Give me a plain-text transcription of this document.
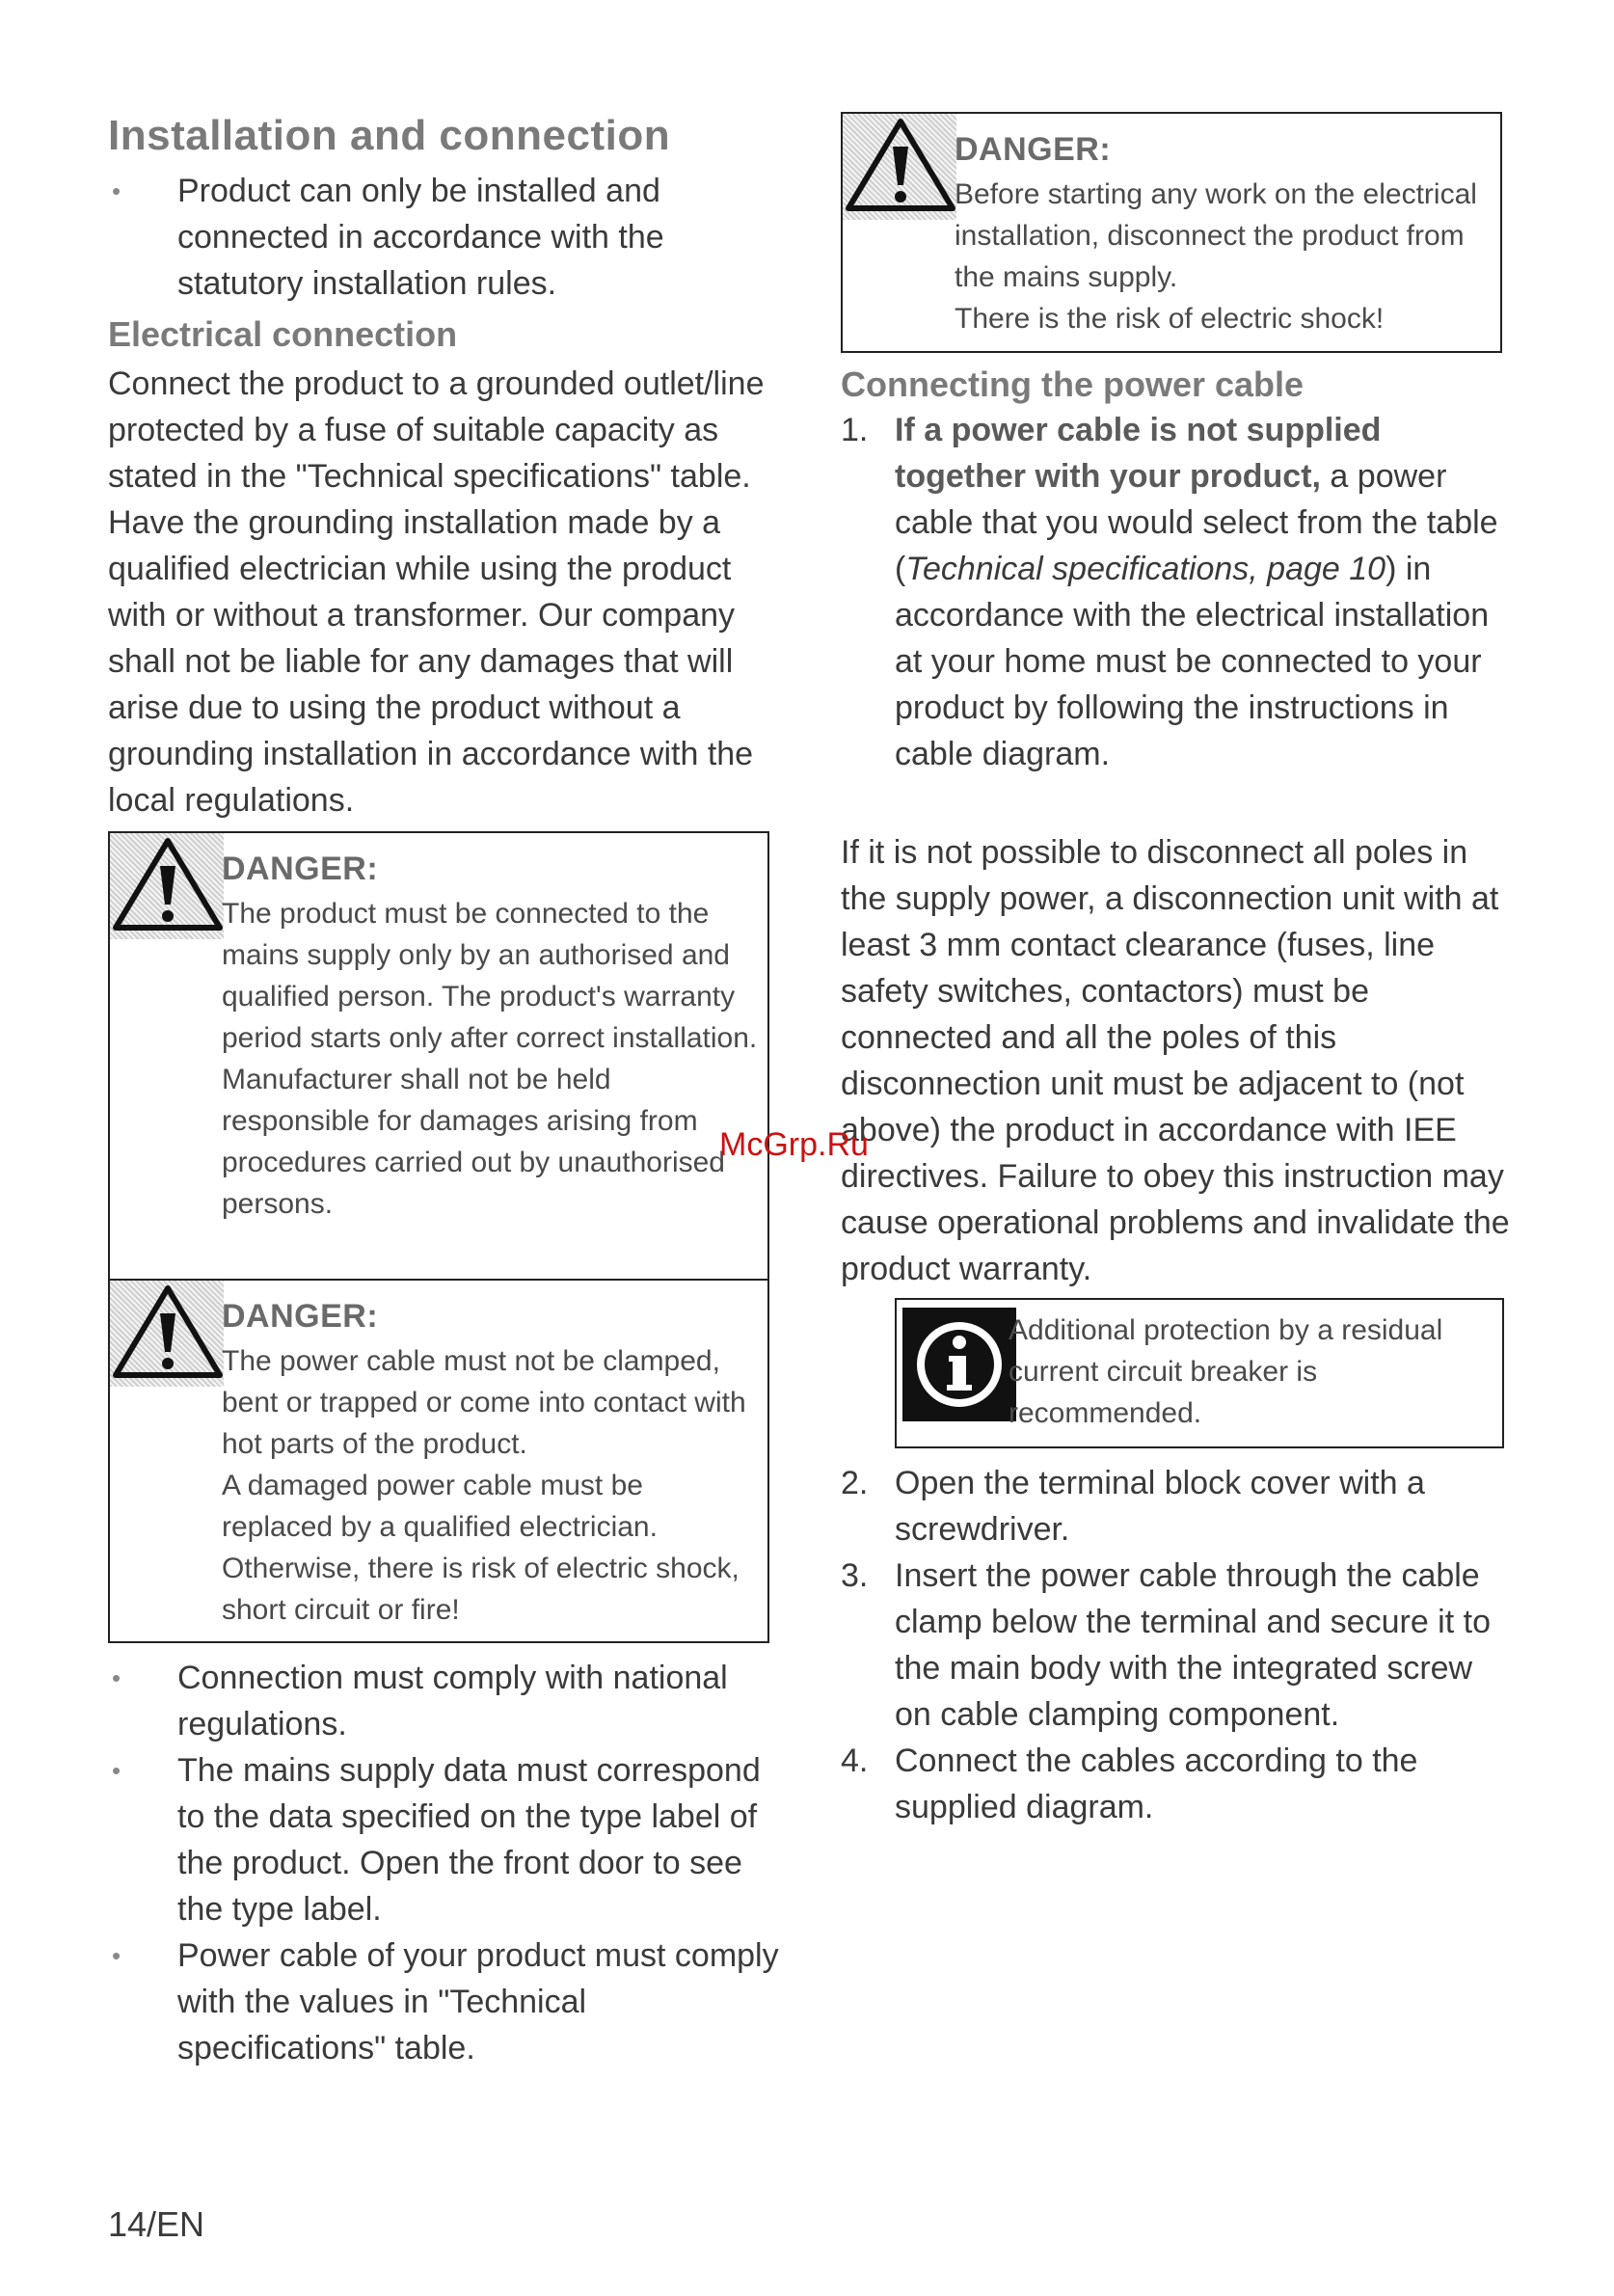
Installation and connection
• Product can only be installed and connected in accordance with the statutory installation rules.
Electrical connection
Connect the product to a grounded outlet/line protected by a fuse of suitable capacity as stated in the "Technical specifications" table. Have the grounding installation made by a qualified electrician while using the product with or without a transformer. Our company shall not be liable for any damages that will arise due to using the product without a grounding installation in accordance with the local regulations.
DANGER:
The product must be connected to the mains supply only by an authorised and qualified person. The product's warranty period starts only after correct installation.
Manufacturer shall not be held responsible for damages arising from procedures carried out by unauthorised persons.
DANGER:
The power cable must not be clamped, bent or trapped or come into contact with hot parts of the product.
A damaged power cable must be replaced by a qualified electrician. Otherwise, there is risk of electric shock, short circuit or fire!
• Connection must comply with national regulations.
• The mains supply data must correspond to the data specified on the type label of the product. Open the front door to see the type label.
• Power cable of your product must comply with the values in "Technical specifications" table.
DANGER:
Before starting any work on the electrical installation, disconnect the product from the mains supply.
There is the risk of electric shock!
Connecting the power cable
1. If a power cable is not supplied together with your product, a power cable that you would select from the table (Technical specifications, page 10) in accordance with the electrical installation at your home must be connected to your product by following the instructions in cable diagram.
If it is not possible to disconnect all poles in the supply power, a disconnection unit with at least 3 mm contact clearance (fuses, line safety switches, contactors) must be connected and all the poles of this disconnection unit must be adjacent to (not above) the product in accordance with IEE directives. Failure to obey this instruction may cause operational problems and invalidate the product warranty.
Additional protection by a residual current circuit breaker is recommended.
2. Open the terminal block cover with a screwdriver.
3. Insert the power cable through the cable clamp below the terminal and secure it to the main body with the integrated screw on cable clamping component.
4. Connect the cables according to the supplied diagram.
McGrp.Ru
14/EN
